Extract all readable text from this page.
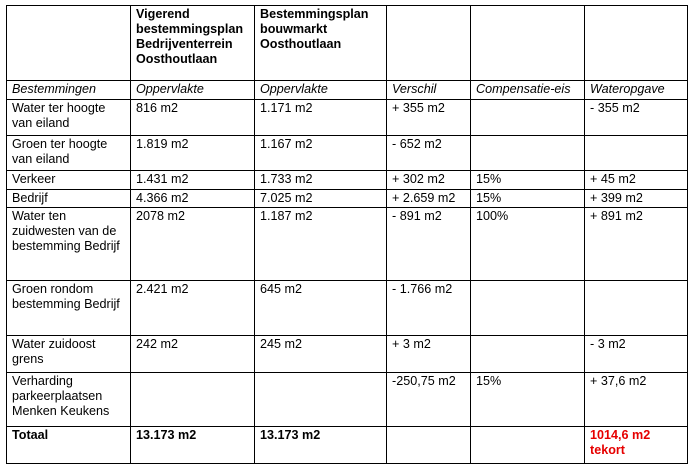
	Vigerend bestemmingsplan Bedrijventerrein Oosthoutlaan	Bestemmingsplan bouwmarkt Oosthoutlaan			
Bestemmingen	Oppervlakte	Oppervlakte	Verschil	Compensatie-eis	Wateropgave
Water ter hoogte van eiland	816 m2	1.171 m2	+ 355 m2		- 355 m2
Groen ter hoogte van eiland	1.819 m2	1.167 m2	- 652 m2		
Verkeer	1.431 m2	1.733 m2	+ 302 m2	15%	+ 45 m2
Bedrijf	4.366 m2	7.025 m2	+ 2.659 m2	15%	+ 399 m2
Water ten zuidwesten van de bestemming Bedrijf	2078 m2	1.187 m2	- 891 m2	100%	+ 891 m2
Groen rondom bestemming Bedrijf	2.421 m2	645 m2	- 1.766 m2		
Water zuidoost grens	242 m2	245 m2	+ 3 m2		- 3 m2
Verharding parkeerplaatsen Menken Keukens			-250,75 m2	15%	+ 37,6 m2
Totaal	13.173 m2	13.173 m2			1014,6 m2 tekort
